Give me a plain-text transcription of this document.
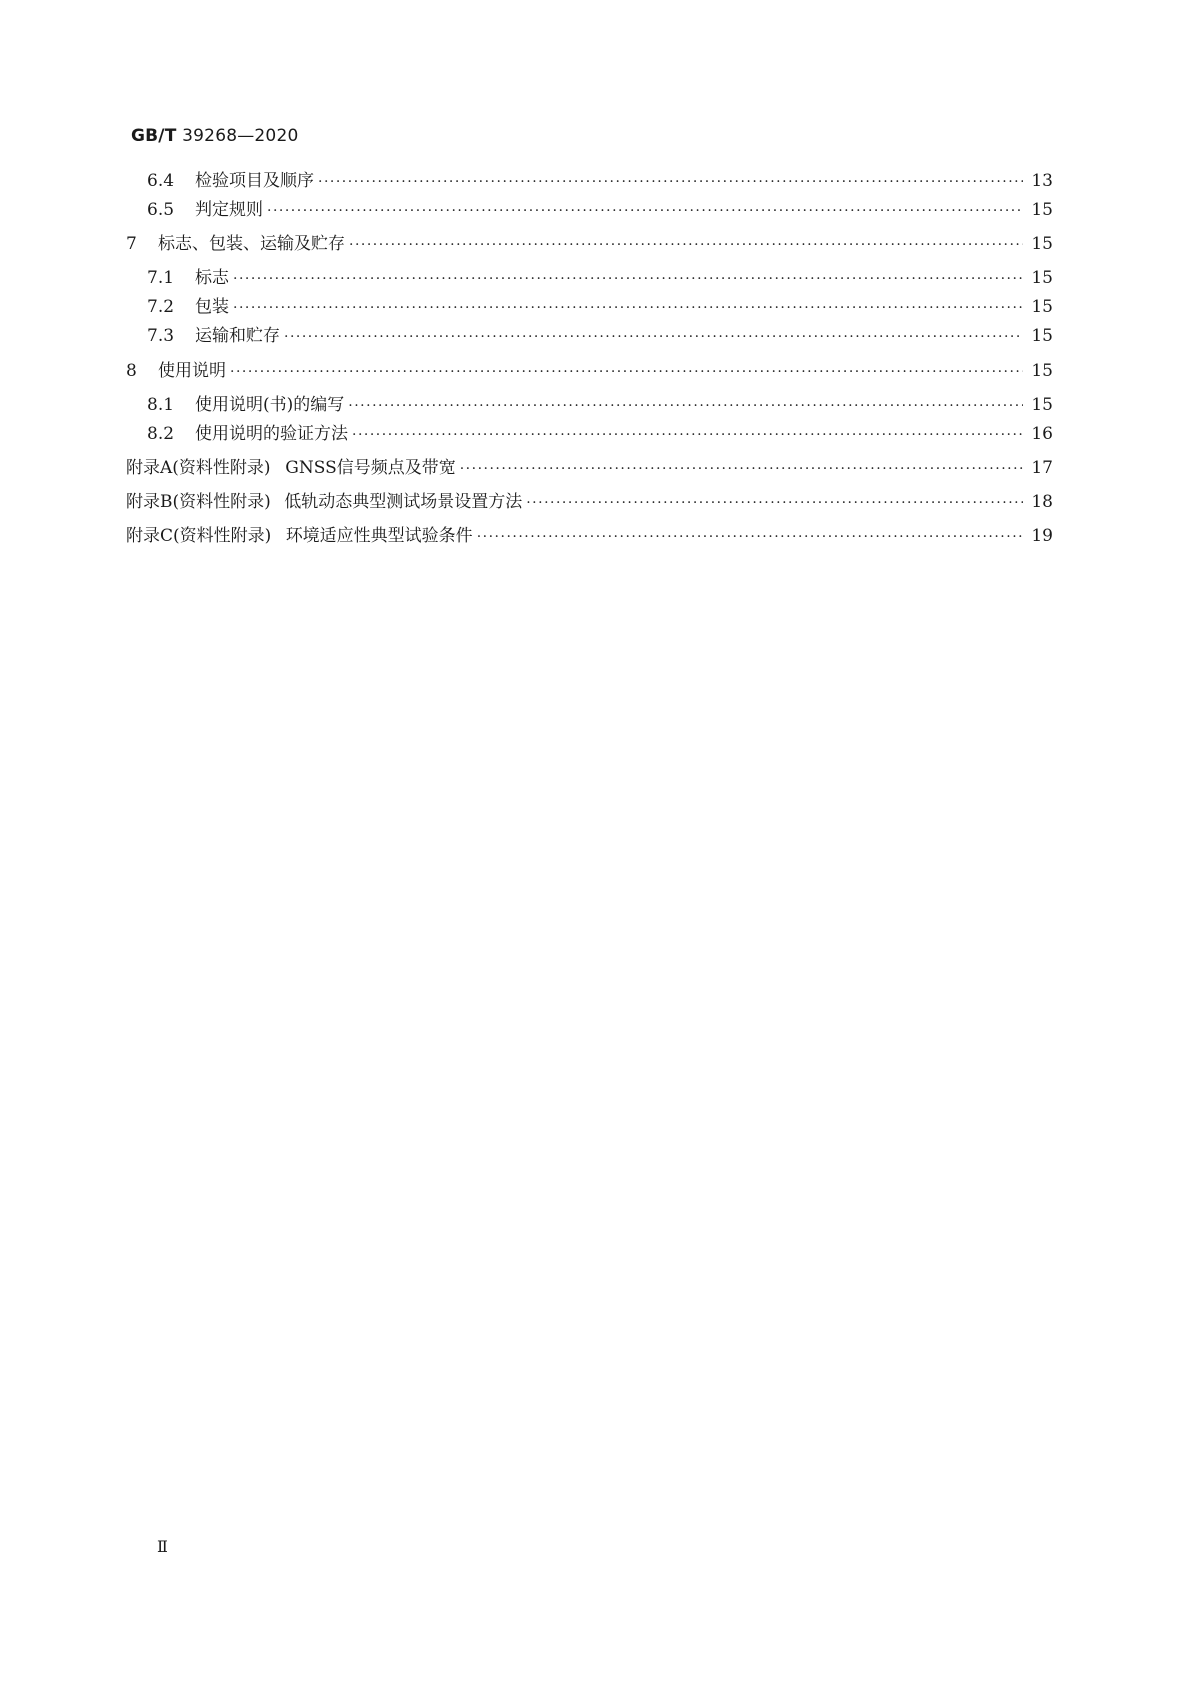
GB/T 39268—2020
6.4	检验项目及顺序 ·····	13
6.5	判定规则 ·····	15
7	标志、包装、运输及贮存 ·····	15
7.1	标志 ·····	15
7.2	包装 ·····	15
7.3	运输和贮存 ·····	15
8	使用说明 ·····	15
8.1	使用说明(书)的编写 ·····	15
8.2	使用说明的验证方法 ·····	16
附录A(资料性附录) GNSS信号频点及带宽 ·····	17
附录B(资料性附录) 低轨动态典型测试场景设置方法 ·····	18
附录C(资料性附录) 环境适应性典型试验条件 ·····	19
Ⅱ
